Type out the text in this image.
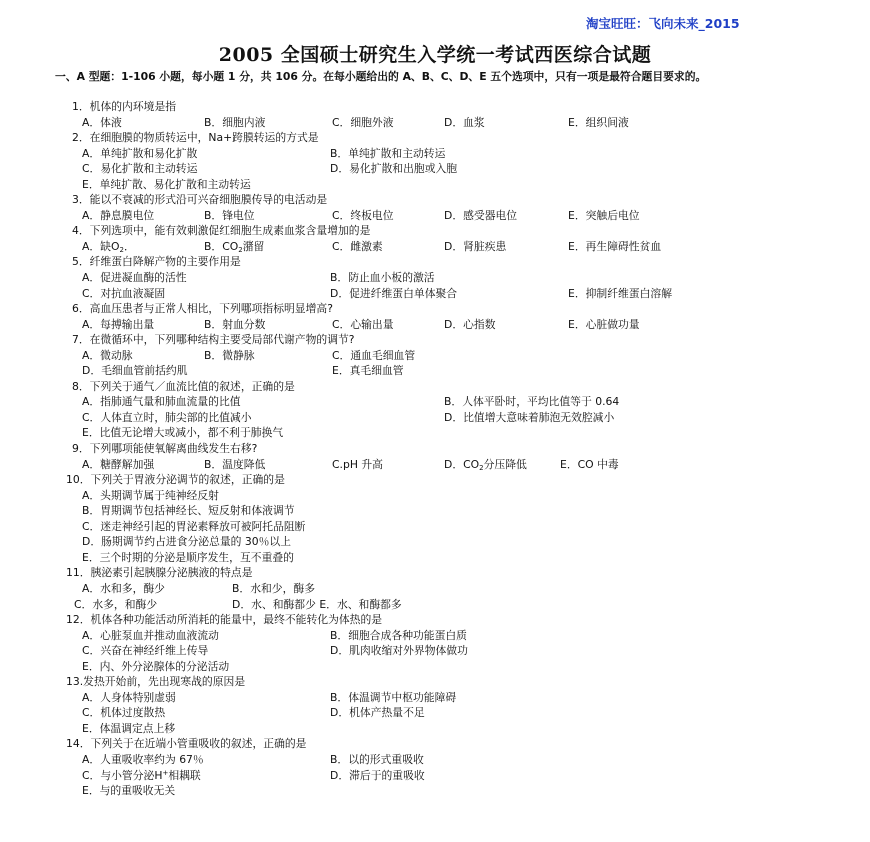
淘宝旺旺：飞向未来_2015
2005 全国硕士研究生入学统一考试西医综合试题
一、A 型题：1-106 小题，每小题 1 分，共 106 分。在每小题给出的 A、B、C、D、E 五个选项中，只有一项是最符合题目要求的。
1．机体的内环境是指
A．体液	B．细胞内液	C．细胞外液	D．血浆	E．组织间液
2．在细胞膜的物质转运中，Na+跨膜转运的方式是
A．单纯扩散和易化扩散	B．单纯扩散和主动转运
C．易化扩散和主动转运	D．易化扩散和出胞或入胞
E．单纯扩散、易化扩散和主动转运
3．能以不衰减的形式沿可兴奋细胞膜传导的电活动是
A．静息膜电位	B．锋电位	C．终板电位	D．感受器电位	E．突触后电位
4．下列选项中，能有效刺激促红细胞生成素血浆含量增加的是
A．缺$O_2$．	B．$CO_2$潴留	C．雌激素	D．肾脏疾患	E．再生障碍性贫血
5．纤维蛋白降解产物的主要作用是
A．促进凝血酶的活性	B．防止血小板的激活
C．对抗血液凝固	D．促进纤维蛋白单体聚合	E．抑制纤维蛋白溶解
6．高血压患者与正常人相比，下列哪项指标明显增高?
A．每搏输出量	B．射血分数	C．心输出量	D．心指数	E．心脏做功量
7．在微循环中，下列哪种结构主要受局部代谢产物的调节?
A．微动脉	B．微静脉	C．通血毛细血管
D．毛细血管前括约肌	E．真毛细血管
8．下列关于通气／血流比值的叙述，正确的是
A．指肺通气量和肺血流量的比值	B．人体平卧时，平均比值等于 0.64
C．人体直立时，肺尖部的比值减小	D．比值增大意味着肺泡无效腔减小
E．比值无论增大或减小，都不利于肺换气
9．下列哪项能使氧解离曲线发生右移?
A．糖酵解加强	B．温度降低	C.pH 升高	D．$CO_2$分压降低	E．CO 中毒
10．下列关于胃液分泌调节的叙述，正确的是
A．头期调节属于纯神经反射
B．胃期调节包括神经长、短反射和体液调节
C．迷走神经引起的胃泌素释放可被阿托品阻断
D．肠期调节约占进食分泌总量的 30％以上
E．三个时期的分泌是顺序发生，互不重叠的
11．胰泌素引起胰腺分泌胰液的特点是
A．水和多，酶少	B．水和少，酶多
C．水多，和酶少	D．水、和酶都少 E．水、和酶都多
12．机体各种功能活动所消耗的能量中，最终不能转化为体热的是
A．心脏泵血并推动血液流动	B．细胞合成各种功能蛋白质
C．兴奋在神经纤维上传导	D．肌肉收缩对外界物体做功
E．内、外分泌腺体的分泌活动
13.发热开始前，先出现寒战的原因是
A．人身体特别虚弱	B．体温调节中枢功能障碍
C．机体过度散热	D．机体产热量不足
E．体温调定点上移
14．下列关于在近端小管重吸收的叙述，正确的是
A．人重吸收率约为 67％	B．以的形式重吸收
C．与小管分泌H+相耦联	D．滞后于的重吸收
E．与的重吸收无关
